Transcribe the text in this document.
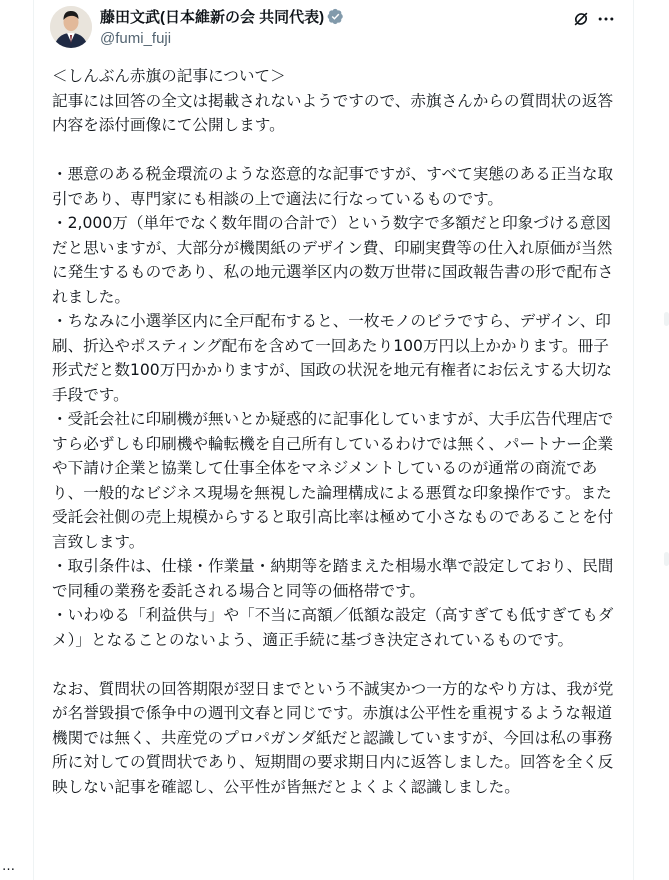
藤田文武(日本維新の会 共同代表)
@fumi_fuji

＜しんぶん赤旗の記事について＞
記事には回答の全文は掲載されないようですので、赤旗さんからの質問状の返答内容を添付画像にて公開します。

・悪意のある税金環流のような恣意的な記事ですが、すべて実態のある正当な取引であり、専門家にも相談の上で適法に行なっているものです。
・2,000万（単年でなく数年間の合計で）という数字で多額だと印象づける意図だと思いますが、大部分が機関紙のデザイン費、印刷実費等の仕入れ原価が当然に発生するものであり、私の地元選挙区内の数万世帯に国政報告書の形で配布されました。
・ちなみに小選挙区内に全戸配布すると、一枚モノのビラですら、デザイン、印刷、折込やポスティング配布を含めて一回あたり100万円以上かかります。冊子形式だと数100万円かかりますが、国政の状況を地元有権者にお伝えする大切な手段です。
・受託会社に印刷機が無いとか疑惑的に記事化していますが、大手広告代理店ですら必ずしも印刷機や輪転機を自己所有しているわけでは無く、パートナー企業や下請け企業と協業して仕事全体をマネジメントしているのが通常の商流であり、一般的なビジネス現場を無視した論理構成による悪質な印象操作です。また受託会社側の売上規模からすると取引高比率は極めて小さなものであることを付言致します。
・取引条件は、仕様・作業量・納期等を踏まえた相場水準で設定しており、民間で同種の業務を委託される場合と同等の価格帯です。
・いわゆる「利益供与」や「不当に高額／低額な設定（高すぎても低すぎてもダメ）」となることのないよう、適正手続に基づき決定されているものです。

なお、質問状の回答期限が翌日までという不誠実かつ一方的なやり方は、我が党が名誉毀損で係争中の週刊文春と同じです。赤旗は公平性を重視するような報道機関では無く、共産党のプロパガンダ紙だと認識していますが、今回は私の事務所に対しての質問状であり、短期間の要求期日内に返答しました。回答を全く反映しない記事を確認し、公平性が皆無だとよくよく認識しました。

…
